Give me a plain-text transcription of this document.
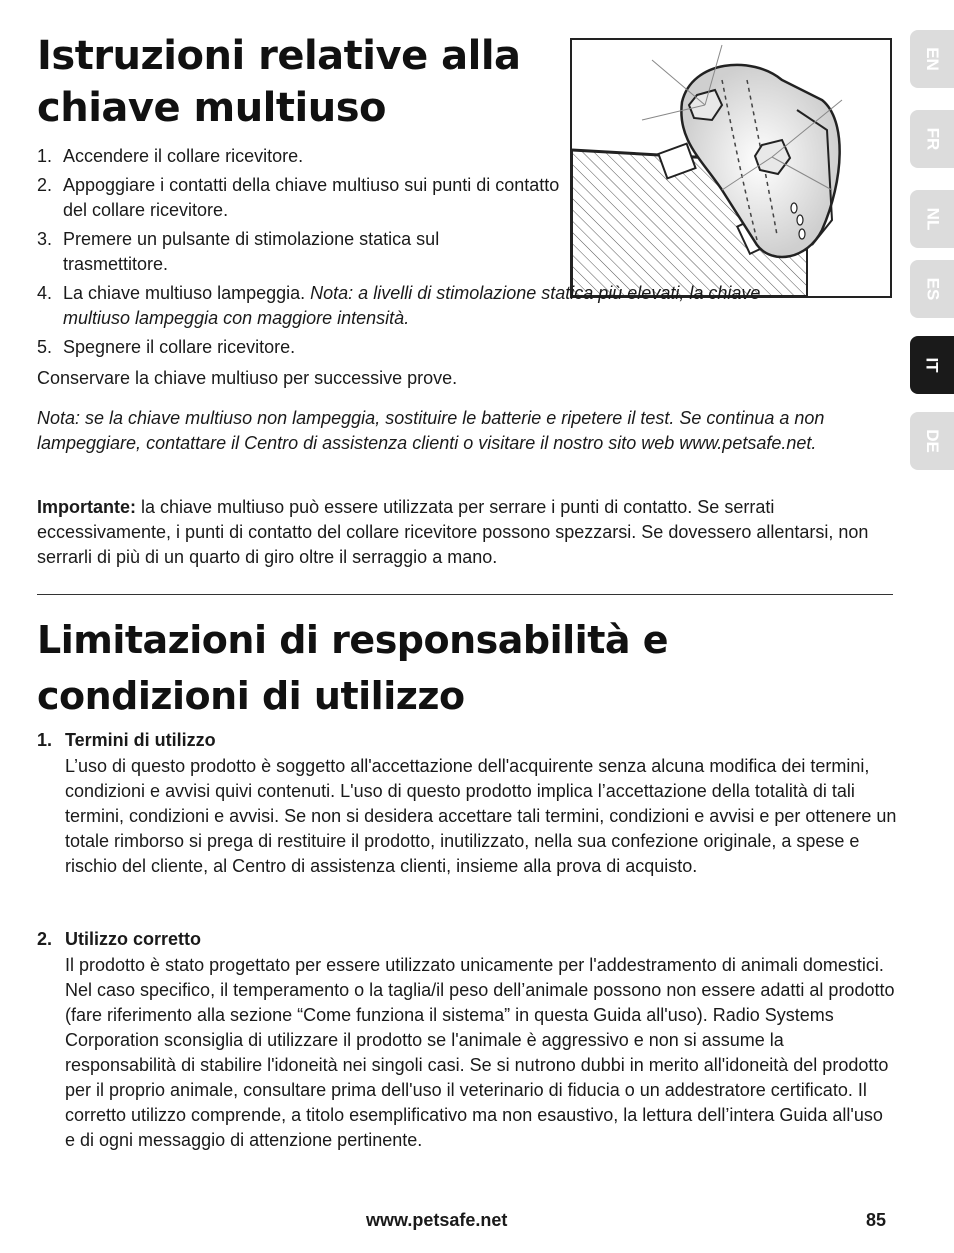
Istruzioni relative alla
chiave multiuso
1. Accendere il collare ricevitore.
2. Appoggiare i contatti della chiave multiuso sui punti di contatto del collare ricevitore.
3. Premere un pulsante di stimolazione statica sul trasmettitore.
4. La chiave multiuso lampeggia. Nota: a livelli di stimolazione statica più elevati, la chiave multiuso lampeggia con maggiore intensità.
5. Spegnere il collare ricevitore.
Conservare la chiave multiuso per successive prove.
Nota: se la chiave multiuso non lampeggia, sostituire le batterie e ripetere il test. Se continua a non lampeggiare, contattare il Centro di assistenza clienti o visitare il nostro sito web www.petsafe.net.
Importante: la chiave multiuso può essere utilizzata per serrare i punti di contatto. Se serrati eccessivamente, i punti di contatto del collare ricevitore possono spezzarsi. Se dovessero allentarsi, non serrarli di più di un quarto di giro oltre il serraggio a mano.
Limitazioni di responsabilità e
condizioni di utilizzo
1. Termini di utilizzo

L’uso di questo prodotto è soggetto all'accettazione dell'acquirente senza alcuna modifica dei termini, condizioni e avvisi quivi contenuti. L'uso di questo prodotto implica l’accettazione della totalità di tali termini, condizioni e avvisi. Se non si desidera accettare tali termini, condizioni e avvisi e per ottenere un totale rimborso si prega di restituire il prodotto, inutilizzato, nella sua confezione originale, a spese e rischio del cliente, al Centro di assistenza clienti, insieme alla prova di acquisto.

2. Utilizzo corretto

Il prodotto è stato progettato per essere utilizzato unicamente per l'addestramento di animali domestici. Nel caso specifico, il temperamento o la taglia/il peso dell’animale possono non essere adatti al prodotto (fare riferimento alla sezione “Come funziona il sistema” in questa Guida all'uso). Radio Systems Corporation sconsiglia di utilizzare il prodotto se l'animale è aggressivo e non si assume la responsabilità di stabilire l'idoneità nei singoli casi. Se si nutrono dubbi in merito all'idoneità del prodotto per il proprio animale, consultare prima dell'uso il veterinario di fiducia o un addestratore certificato. Il corretto utilizzo comprende, a titolo esemplificativo ma non esaustivo, la lettura dell’intera Guida all'uso e di ogni messaggio di attenzione pertinente.

EN
FR
NL
ES
IT
DE
www.petsafe.net	85
